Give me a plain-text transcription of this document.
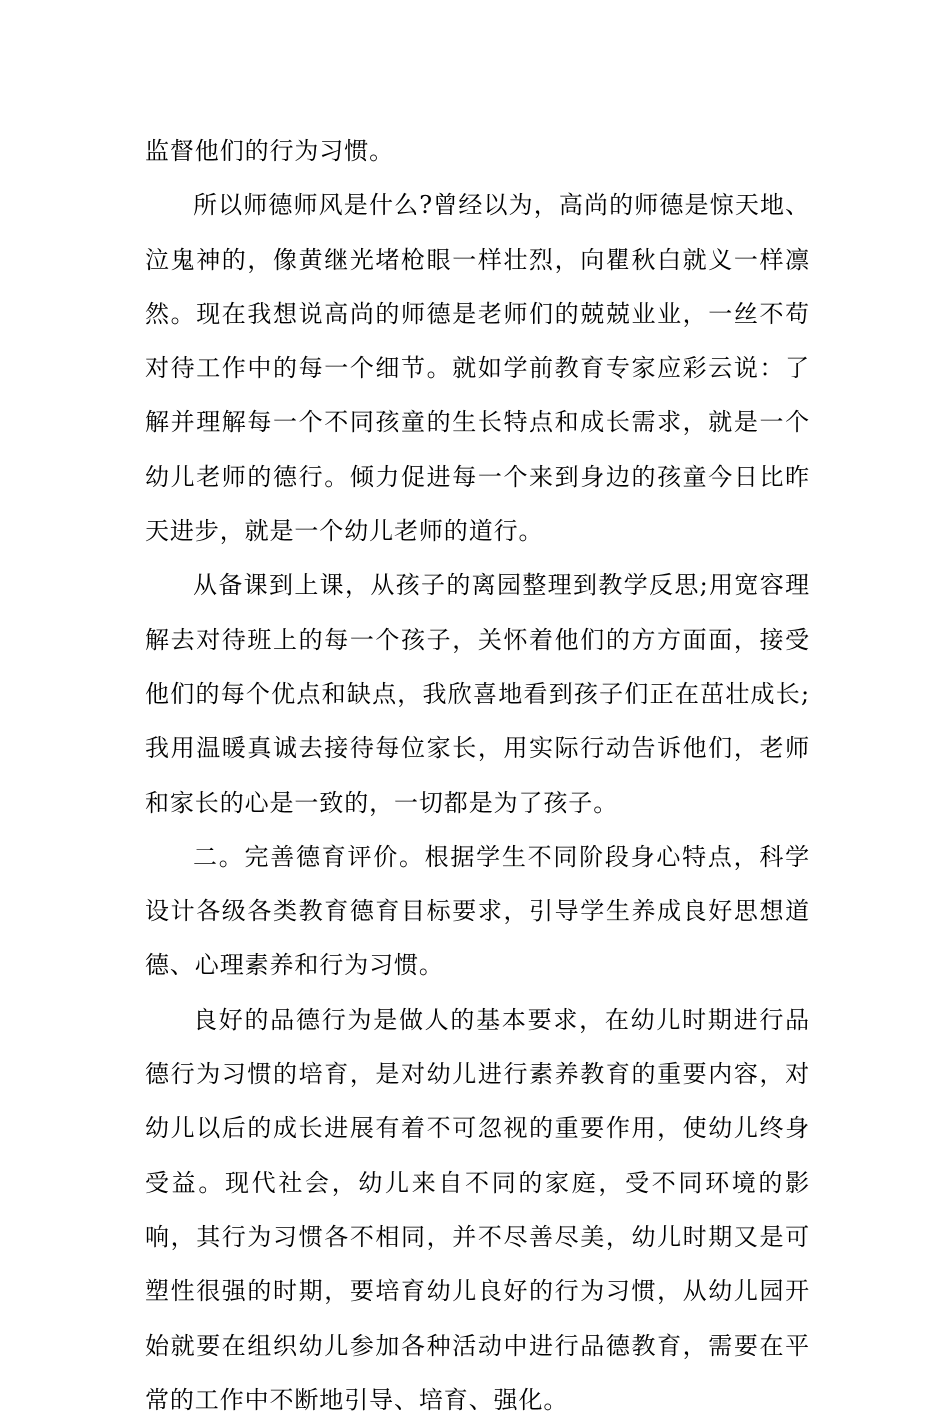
监督他们的行为习惯。

所以师德师风是什么?曾经以为，高尚的师德是惊天地、泣鬼神的，像黄继光堵枪眼一样壮烈，向瞿秋白就义一样凛然。现在我想说高尚的师德是老师们的兢兢业业，一丝不苟对待工作中的每一个细节。就如学前教育专家应彩云说：了解并理解每一个不同孩童的生长特点和成长需求，就是一个幼儿老师的德行。倾力促进每一个来到身边的孩童今日比昨天进步，就是一个幼儿老师的道行。

从备课到上课，从孩子的离园整理到教学反思;用宽容理解去对待班上的每一个孩子，关怀着他们的方方面面，接受他们的每个优点和缺点，我欣喜地看到孩子们正在茁壮成长;我用温暖真诚去接待每位家长，用实际行动告诉他们，老师和家长的心是一致的，一切都是为了孩子。

二。完善德育评价。根据学生不同阶段身心特点，科学设计各级各类教育德育目标要求，引导学生养成良好思想道德、心理素养和行为习惯。

良好的品德行为是做人的基本要求，在幼儿时期进行品德行为习惯的培育，是对幼儿进行素养教育的重要内容，对幼儿以后的成长进展有着不可忽视的重要作用，使幼儿终身受益。现代社会，幼儿来自不同的家庭，受不同环境的影响，其行为习惯各不相同，并不尽善尽美，幼儿时期又是可塑性很强的时期，要培育幼儿良好的行为习惯，从幼儿园开始就要在组织幼儿参加各种活动中进行品德教育，需要在平常的工作中不断地引导、培育、强化。
